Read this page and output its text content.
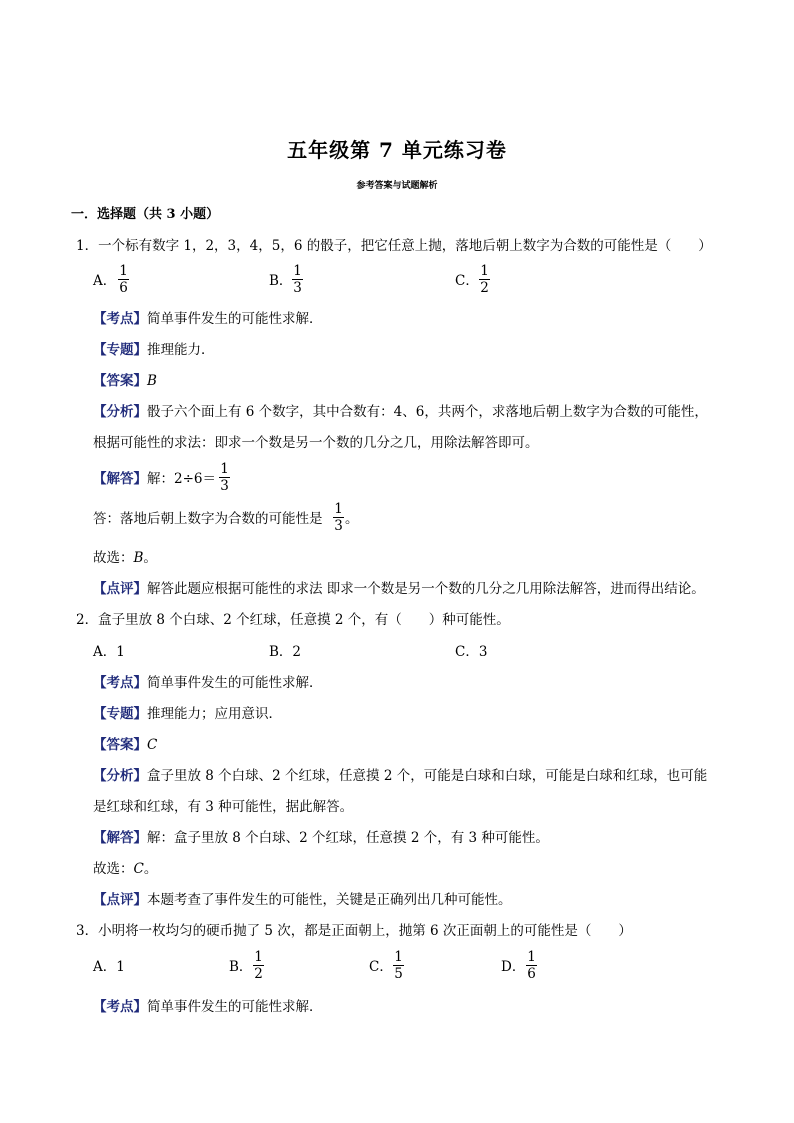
五年级第 7 单元练习卷
参考答案与试题解析
一．选择题（共 3 小题）
1．一个标有数字 1，2，3，4，5，6 的骰子，把它任意上抛，落地后朝上数字为合数的可能性是（　　）
A．
1
6	B．
1
3	C．
1
2
【考点】简单事件发生的可能性求解．
【专题】推理能力．
【答案】B
【分析】骰子六个面上有 6 个数字，其中合数有：4、6，共两个，求落地后朝上数字为合数的可能性，
根据可能性的求法：即求一个数是另一个数的几分之几，用除法解答即可。
【解答】解：2÷6＝
1
3
答：落地后朝上数字为合数的可能性是
1
3 。
故选：B。
【点评】解答此题应根据可能性的求法 即求一个数是另一个数的几分之几用除法解答，进而得出结论。
2．盒子里放 8 个白球、2 个红球，任意摸 2 个，有（　　）种可能性。
A．1	B．2	C．3
【考点】简单事件发生的可能性求解．
【专题】推理能力；应用意识．
【答案】C
【分析】盒子里放 8 个白球、2 个红球，任意摸 2 个，可能是白球和白球，可能是白球和红球，也可能
是红球和红球，有 3 种可能性，据此解答。
【解答】解：盒子里放 8 个白球、2 个红球，任意摸 2 个，有 3 种可能性。
故选：C。
【点评】本题考查了事件发生的可能性，关键是正确列出几种可能性。
3．小明将一枚均匀的硬币抛了 5 次，都是正面朝上，抛第 6 次正面朝上的可能性是（　　）
A．1	B．
1
2	C．
1
5	D．
1
6
【考点】简单事件发生的可能性求解．
